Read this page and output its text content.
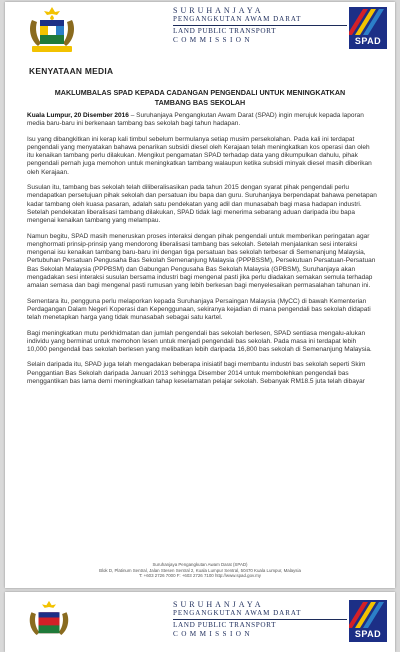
SURUHANJAYA
PENGANGKUTAN AWAM DARAT
LAND PUBLIC TRANSPORT
COMMISSION	SPAD
KENYATAAN MEDIA
MAKLUMBALAS SPAD KEPADA CADANGAN PENGENDALI UNTUK MENINGKATKAN
TAMBANG BAS SEKOLAH

Kuala Lumpur, 20 Disember 2016 – Suruhanjaya Pengangkutan Awam Darat (SPAD) ingin merujuk kepada laporan media baru-baru ini berkenaan tambang bas sekolah bagi tahun hadapan.

Isu yang dibangkitkan ini kerap kali timbul sebelum bermulanya setiap musim persekolahan. Pada kali ini terdapat pengendali yang menyatakan bahawa penarikan subsidi diesel oleh Kerajaan telah meningkatkan kos operasi dan oleh itu kenaikan tambang perlu dilakukan. Mengikut pengamatan SPAD terhadap data yang dikumpulkan dahulu, pihak pengendali pernah juga memohon untuk meningkatkan tambang walaupun ketika subsidi minyak diesel masih diberikan oleh Kerajaan.

Susulan itu, tambang bas sekolah telah diliberalisasikan pada tahun 2015 dengan syarat pihak pengendali perlu mendapatkan persetujuan pihak sekolah dan persatuan ibu bapa dan guru. Suruhanjaya berpendapat bahawa penetapan kadar tambang oleh kuasa pasaran, adalah satu pendekatan yang adil dan munasabah bagi masa hadapan industri. Setelah pendekatan liberalisasi tambang dilakukan, SPAD tidak lagi menerima sebarang aduan daripada ibu bapa mengenai kenaikan tambang yang melampau.

Namun begitu, SPAD masih meneruskan proses interaksi dengan pihak pengendali untuk memberikan peringatan agar menghormati prinsip-prinsip yang mendorong liberalisasi tambang bas sekolah. Setelah menjalankan sesi interaksi mengenai isu kenaikan tambang baru-baru ini dengan tiga persatuan bas sekolah terbesar di Semenanjung Malaysia, Pertubuhan Persatuan Pengusaha Bas Sekolah Semenanjung Malaysia (PPPBSSM), Persekutuan Persatuan-Persatuan Bas Sekolah Malaysia (PPPBSM) dan Gabungan Pengusaha Bas Sekolah Malaysia (GPBSM), Suruhanjaya akan mengadakan sesi interaksi susulan bersama industri bagi mengenal pasti jika perlu diadakan semakan semula terhadap amalan semasa dan bagi mengenal pasti rumusan yang lebih berkesan bagi menyelesaikan permasalahan tahunan ini.

Sementara itu, pengguna perlu melaporkan kepada Suruhanjaya Persaingan Malaysia (MyCC) di bawah Kementerian Perdagangan Dalam Negeri Koperasi dan Kepenggunaan, sekiranya kejadian di mana pengendali bas sekolah didapati telah menetapkan harga yang tidak munasabah sebagai satu kartel.

Bagi meningkatkan mutu perkhidmatan dan jumlah pengendali bas sekolah berlesen, SPAD sentiasa mengalu-alukan individu yang berminat untuk memohon lesen untuk menjadi pengendali bas sekolah. Pada masa ini terdapat lebih 10,000 pengendali bas sekolah berlesen yang melibatkan lebih daripada 16,800 bas sekolah di Semenanjung Malaysia.

Selain daripada itu, SPAD juga telah mengadakan beberapa inisiatif bagi membantu industri bas sekolah seperti Skim Penggantian Bas Sekolah daripada Januari 2013 sehingga Disember 2014 untuk membolehkan pengendali bas menggantikan bas lama demi meningkatkan tahap keselamatan pelajar sekolah. Sebanyak RM18.5 juta telah dibayar

Suruhanjaya Pengangkutan Awam Darat (SPAD)
Blok D, Platinum Sentral, Jalan Stesen Sentral 2, Kuala Lumpur Sentral, 50470 Kuala Lumpur, Malaysia
T: +603 2726 7000 F: +603 2726 7100 http://www.spad.gov.my
SURUHANJAYA
PENGANGKUTAN AWAM DARAT
LAND PUBLIC TRANSPORT
COMMISSION	SPAD
